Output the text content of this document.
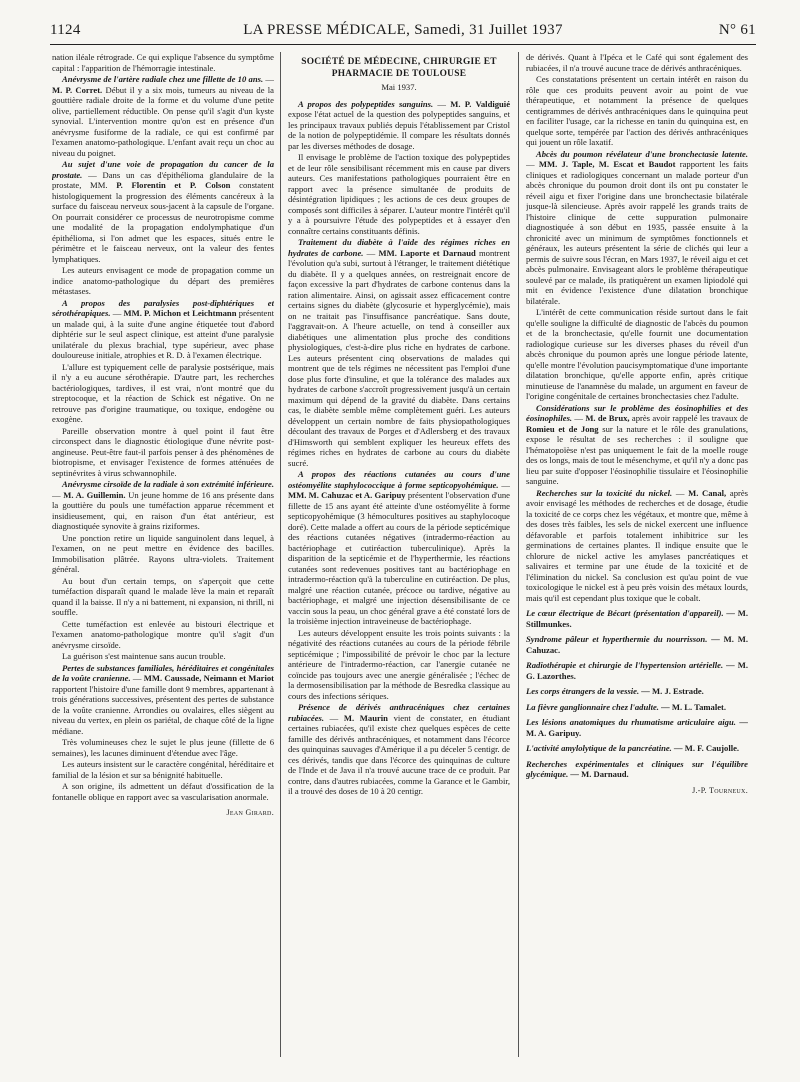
1124	LA PRESSE MÉDICALE, Samedi, 31 Juillet 1937	N° 61

nation iléale rétrograde. Ce qui explique l'absence du symptôme capital : l'apparition de l'hémorragie intestinale.

Anévrysme de l'artère radiale chez une fillette de 10 ans. — M. P. Corret. Début il y a six mois, tumeurs au niveau de la gouttière radiale droite de la forme et du volume d'une petite olive, partiellement réductible. On pense qu'il s'agit d'un kyste synovial. L'intervention montre qu'on est en présence d'un anévrysme fusiforme de la radiale, ce qui est confirmé par l'examen anatomo-pathologique. L'enfant avait reçu un choc au niveau du poignet.

Au sujet d'une voie de propagation du cancer de la prostate. — Dans un cas d'épithélioma glandulaire de la prostate, MM. P. Florentin et P. Colson constatent histologiquement la progression des éléments cancéreux à la surface du faisceau nerveux sous-jacent à la capsule de l'organe. On pourrait considérer ce processus de neurotropisme comme une modalité de la propagation endolymphatique d'un épithélioma, si l'on admet que les espaces, situés entre le périmètre et le faisceau nerveux, ont la valeur des fentes lymphatiques.

Les auteurs envisagent ce mode de propagation comme un indice anatomo-pathologique du départ des premières métastases.

A propos des paralysies post-diphtériques et sérothérapiques. — MM. P. Michon et Leichtmann présentent un malade qui, à la suite d'une angine étiquetée tout d'abord diphtérie sur le seul aspect clinique, est atteint d'une paralysie unilatérale du plexus brachial, type supérieur, avec phase douloureuse initiale, atrophies et R. D. à l'examen électrique.

L'allure est typiquement celle de paralysie postsérique, mais il n'y a eu aucune sérothérapie. D'autre part, les recherches bactériologiques, tardives, il est vrai, n'ont montré que du streptocoque, et la réaction de Schick est négative. On ne retrouve pas d'origine traumatique, ou toxique, endogène ou exogène.

Pareille observation montre à quel point il faut être circonspect dans le diagnostic étiologique d'une névrite post-angineuse. Peut-être faut-il parfois penser à des phénomènes de biotropisme, et envisager l'existence de formes atténuées de septinévrites à virus schwannophile.

Anévrysme cirsoïde de la radiale à son extrémité inférieure. — M. A. Guillemin. Un jeune homme de 16 ans présente dans la gouttière du pouls une tuméfaction apparue récemment et insidieusement, qui, en raison d'un état antérieur, est diagnostiquée synovite à grains riziformes.

Une ponction retire un liquide sanguinolent dans lequel, à l'examen, on ne peut mettre en évidence des bacilles. Immobilisation plâtrée. Rayons ultra-violets. Traitement général.

Au bout d'un certain temps, on s'aperçoit que cette tuméfaction disparaît quand le malade lève la main et reparaît quand il la baisse. Il n'y a ni battement, ni expansion, ni thrill, ni souffle.

Cette tuméfaction est enlevée au bistouri électrique et l'examen anatomo-pathologique montre qu'il s'agit d'un anévrysme cirsoïde.

La guérison s'est maintenue sans aucun trouble.

Pertes de substances familiales, héréditaires et congénitales de la voûte cranienne. — MM. Caussade, Neimann et Mariot rapportent l'histoire d'une famille dont 9 membres, appartenant à trois générations successives, présentent des pertes de substance de la voûte cranienne. Arrondies ou ovalaires, elles siègent au niveau du vertex, en plein os pariétal, de chaque côté de la ligne médiane.

Très volumineuses chez le sujet le plus jeune (fillette de 6 semaines), les lacunes diminuent d'étendue avec l'âge.

Les auteurs insistent sur le caractère congénital, héréditaire et familial de la lésion et sur sa bénignité habituelle.

A son origine, ils admettent un défaut d'ossification de la fontanelle oblique en rapport avec sa vascularisation anormale.

Jean Girard.
SOCIÉTÉ DE MÉDECINE, CHIRURGIE ET PHARMACIE DE TOULOUSE
Mai 1937.

A propos des polypeptides sanguins. — M. P. Valdiguié expose l'état actuel de la question des polypeptides sanguins, et les principaux travaux publiés depuis l'établissement par Cristol de la notion de polypeptidémie. Il compare les résultats donnés par les diverses méthodes de dosage.

Il envisage le problème de l'action toxique des polypeptides et de leur rôle sensibilisant récemment mis en cause par divers auteurs. Ces manifestations pathologiques pourraient être en rapport avec la présence simultanée de produits de désintégration lipidiques ; les actions de ces deux groupes de composés sont difficiles à séparer. L'auteur montre l'intérêt qu'il y a à poursuivre l'étude des polypeptides et à essayer d'en connaître certains constituants définis.

Traitement du diabète à l'aide des régimes riches en hydrates de carbone. — MM. Laporte et Darnaud montrent l'évolution qu'a subi, surtout à l'étranger, le traitement diététique du diabète. Il y a quelques années, on restreignait encore de façon excessive la part d'hydrates de carbone contenus dans la ration alimentaire. Ainsi, on agissait assez efficacement contre certains signes du diabète (glycosurie et hyperglycémie), mais on ne traitait pas l'insuffisance pancréatique. Sans doute, l'aggravait-on. A l'heure actuelle, on tend à conseiller aux diabétiques une alimentation plus proche des conditions physiologiques, c'est-à-dire plus riche en hydrates de carbone. Les auteurs présentent cinq observations de malades qui montrent que de tels régimes ne nécessitent pas l'emploi d'une dose plus forte d'insuline, et que la tolérance des malades aux hydrates de carbone s'accroît progressivement jusqu'à un certain maximum qui dépend de la gravité du diabète. Dans certains cas, le diabète semble même complètement guéri. Les auteurs développent un certain nombre de faits physiopathologiques découlant des travaux de Porges et d'Adlersberg et des travaux d'Himsworth qui semblent expliquer les heureux effets des régimes riches en hydrates de carbone au cours du diabète sucré.

A propos des réactions cutanées au cours d'une ostéomyélite staphylococcique à forme septicopyohémique. — MM. M. Cahuzac et A. Garipuy présentent l'observation d'une fillette de 15 ans ayant été atteinte d'une ostéomyélite à forme septicopyohémique (3 hémocultures positives au staphylocoque doré). Cette malade a offert au cours de la période septicémique des réactions cutanées négatives (intradermo-réaction au bactériophage et cutiréaction tuberculinique). Après la disparition de la septicémie et de l'hyperthermie, les réactions cutanées sont redevenues positives tant au bactériophage en intradermo-réaction qu'à la tuberculine en cutiréaction. De plus, malgré une réaction cutanée, précoce ou tardive, négative au bactériophage, et malgré une injection désensibilisante de ce vaccin sous la peau, un choc général grave a été constaté lors de la troisième injection intraveineuse de bactériophage.

Les auteurs développent ensuite les trois points suivants : la négativité des réactions cutanées au cours de la période fébrile septicémique ; l'impossibilité de prévoir le choc par la lecture antérieure de l'intradermo-réaction, car l'anergie cutanée ne coïncide pas toujours avec une anergie généralisée ; l'échec de la dermosensibilisation par la méthode de Besredka classique au cours des infections sériques.

Présence de dérivés anthracéniques chez certaines rubiacées. — M. Maurin vient de constater, en étudiant certaines rubiacées, qu'il existe chez quelques espèces de cette famille des dérivés anthracéniques, et notamment dans l'écorce des quinquinas sauvages d'Amérique il a pu déceler 5 centigr. de ces dérivés, tandis que dans l'écorce des quinquinas de culture de l'Inde et de Java il n'a trouvé aucune trace de ce produit. Par contre, dans d'autres rubiacées, comme la Garance et le Gambir, il a trouvé des doses de 10 à 20 centigr.

de dérivés. Quant à l'Ipéca et le Café qui sont également des rubiacées, il n'a trouvé aucune trace de dérivés anthracéniques.

Ces constatations présentent un certain intérêt en raison du rôle que ces produits peuvent avoir au point de vue thérapeutique, et notamment la présence de quelques centigrammes de dérivés anthracéniques dans le quinquina peut en faciliter l'usage, car la richesse en tanin du quinquina est, en quelque sorte, tempérée par l'action des dérivés anthracéniques qui jouent un rôle laxatif.

Abcès du poumon révélateur d'une bronchectasie latente. — MM. J. Taple, M. Escat et Baudot rapportent les faits cliniques et radiologiques concernant un malade porteur d'un abcès chronique du poumon droit dont ils ont pu constater le réveil aigu et fixer l'origine dans une bronchectasie bilatérale jusque-là silencieuse. Après avoir rappelé les grands traits de l'histoire clinique de cette suppuration pulmonaire diagnostiquée à son début en 1935, passée ensuite à la chronicité avec un minimum de symptômes fonctionnels et généraux, les auteurs présentent la série de clichés qui leur a permis de suivre sous l'écran, en Mars 1937, le réveil aigu et cet abcès pulmonaire. Envisageant alors le problème thérapeutique soulevé par ce malade, ils pratiquèrent un examen lipiodolé qui mit en évidence l'existence d'une dilatation bronchique bilatérale.

L'intérêt de cette communication réside surtout dans le fait qu'elle souligne la difficulté de diagnostic de l'abcès du poumon et de la bronchectasie, qu'elle fournit une documentation radiologique curieuse sur les diverses phases du réveil d'un abcès chronique du poumon après une longue période latente, qu'elle montre l'évolution paucisymptomatique d'une importante dilatation bronchique, qu'elle apporte enfin, après critique minutieuse de l'anamnèse du malade, un argument en faveur de l'origine congénitale de certaines bronchectasies chez l'adulte.

Considérations sur le problème des éosinophilies et des éosinophiles. — M. de Brux, après avoir rappelé les travaux de Romieu et de Jong sur la nature et le rôle des granulations, expose le résultat de ses recherches : il souligne que l'hématopoïèse n'est pas uniquement le fait de la moelle rouge des os longs, mais de tout le mésenchyme, et qu'il n'y a donc pas lieu par suite d'opposer l'éosinophilie tissulaire et l'éosinophilie sanguine.

Recherches sur la toxicité du nickel. — M. Canal, après avoir envisagé les méthodes de recherches et de dosage, étudie la toxicité de ce corps chez les végétaux, et montre que, même à des doses très faibles, les sels de nickel exercent une influence défavorable et parfois totalement inhibitrice sur les germinations de certaines plantes. Il indique ensuite que le chlorure de nickel active les amylases pancréatiques et salivaires et termine par une étude de la toxicité et de l'élimination du nickel. Sa conclusion est qu'au point de vue toxicologique le nickel est à peu près voisin des métaux lourds, mais qu'il est cependant plus toxique que le cobalt.

Le cœur électrique de Bécart (présentation d'appareil). — M. Stillmunkes.

Syndrome pâleur et hyperthermie du nourrisson. — M. M. Cahuzac.

Radiothérapie et chirurgie de l'hypertension artérielle. — M. G. Lazorthes.

Les corps étrangers de la vessie. — M. J. Estrade.

La fièvre ganglionnaire chez l'adulte. — M. L. Tamalet.

Les lésions anatomiques du rhumatisme articulaire aigu. — M. A. Garipuy.

L'activité amylolytique de la pancréatine. — M. F. Caujolle.

Recherches expérimentales et cliniques sur l'équilibre glycémique. — M. Darnaud.

J.-P. Tourneux.
